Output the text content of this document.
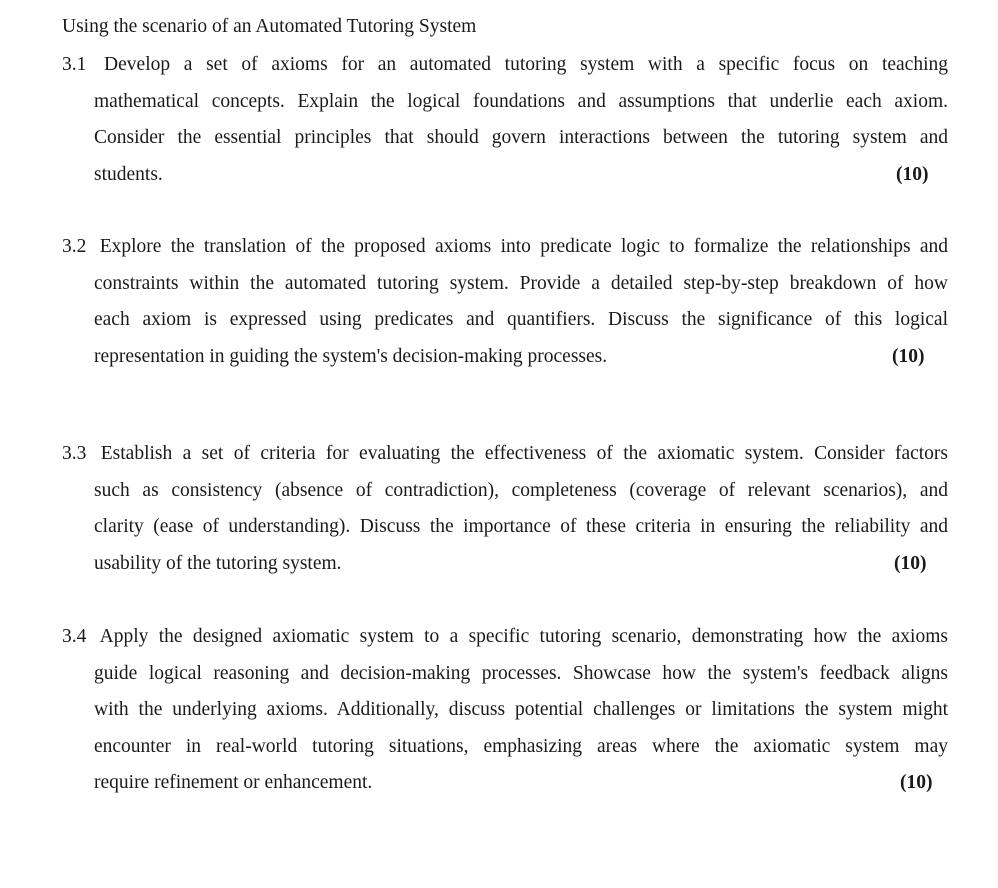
Using the scenario of an Automated Tutoring System
3.1 Develop a set of axioms for an automated tutoring system with a specific focus on teaching
mathematical concepts. Explain the logical foundations and assumptions that underlie each axiom.
Consider the essential principles that should govern interactions between the tutoring system and
students.	(10)
3.2 Explore the translation of the proposed axioms into predicate logic to formalize the relationships and
constraints within the automated tutoring system. Provide a detailed step-by-step breakdown of how
each axiom is expressed using predicates and quantifiers. Discuss the significance of this logical
representation in guiding the system's decision-making processes.	(10)
3.3 Establish a set of criteria for evaluating the effectiveness of the axiomatic system. Consider factors
such as consistency (absence of contradiction), completeness (coverage of relevant scenarios), and
clarity (ease of understanding). Discuss the importance of these criteria in ensuring the reliability and
usability of the tutoring system.	(10)
3.4 Apply the designed axiomatic system to a specific tutoring scenario, demonstrating how the axioms
guide logical reasoning and decision-making processes. Showcase how the system's feedback aligns
with the underlying axioms. Additionally, discuss potential challenges or limitations the system might
encounter in real-world tutoring situations, emphasizing areas where the axiomatic system may
require refinement or enhancement.	(10)
